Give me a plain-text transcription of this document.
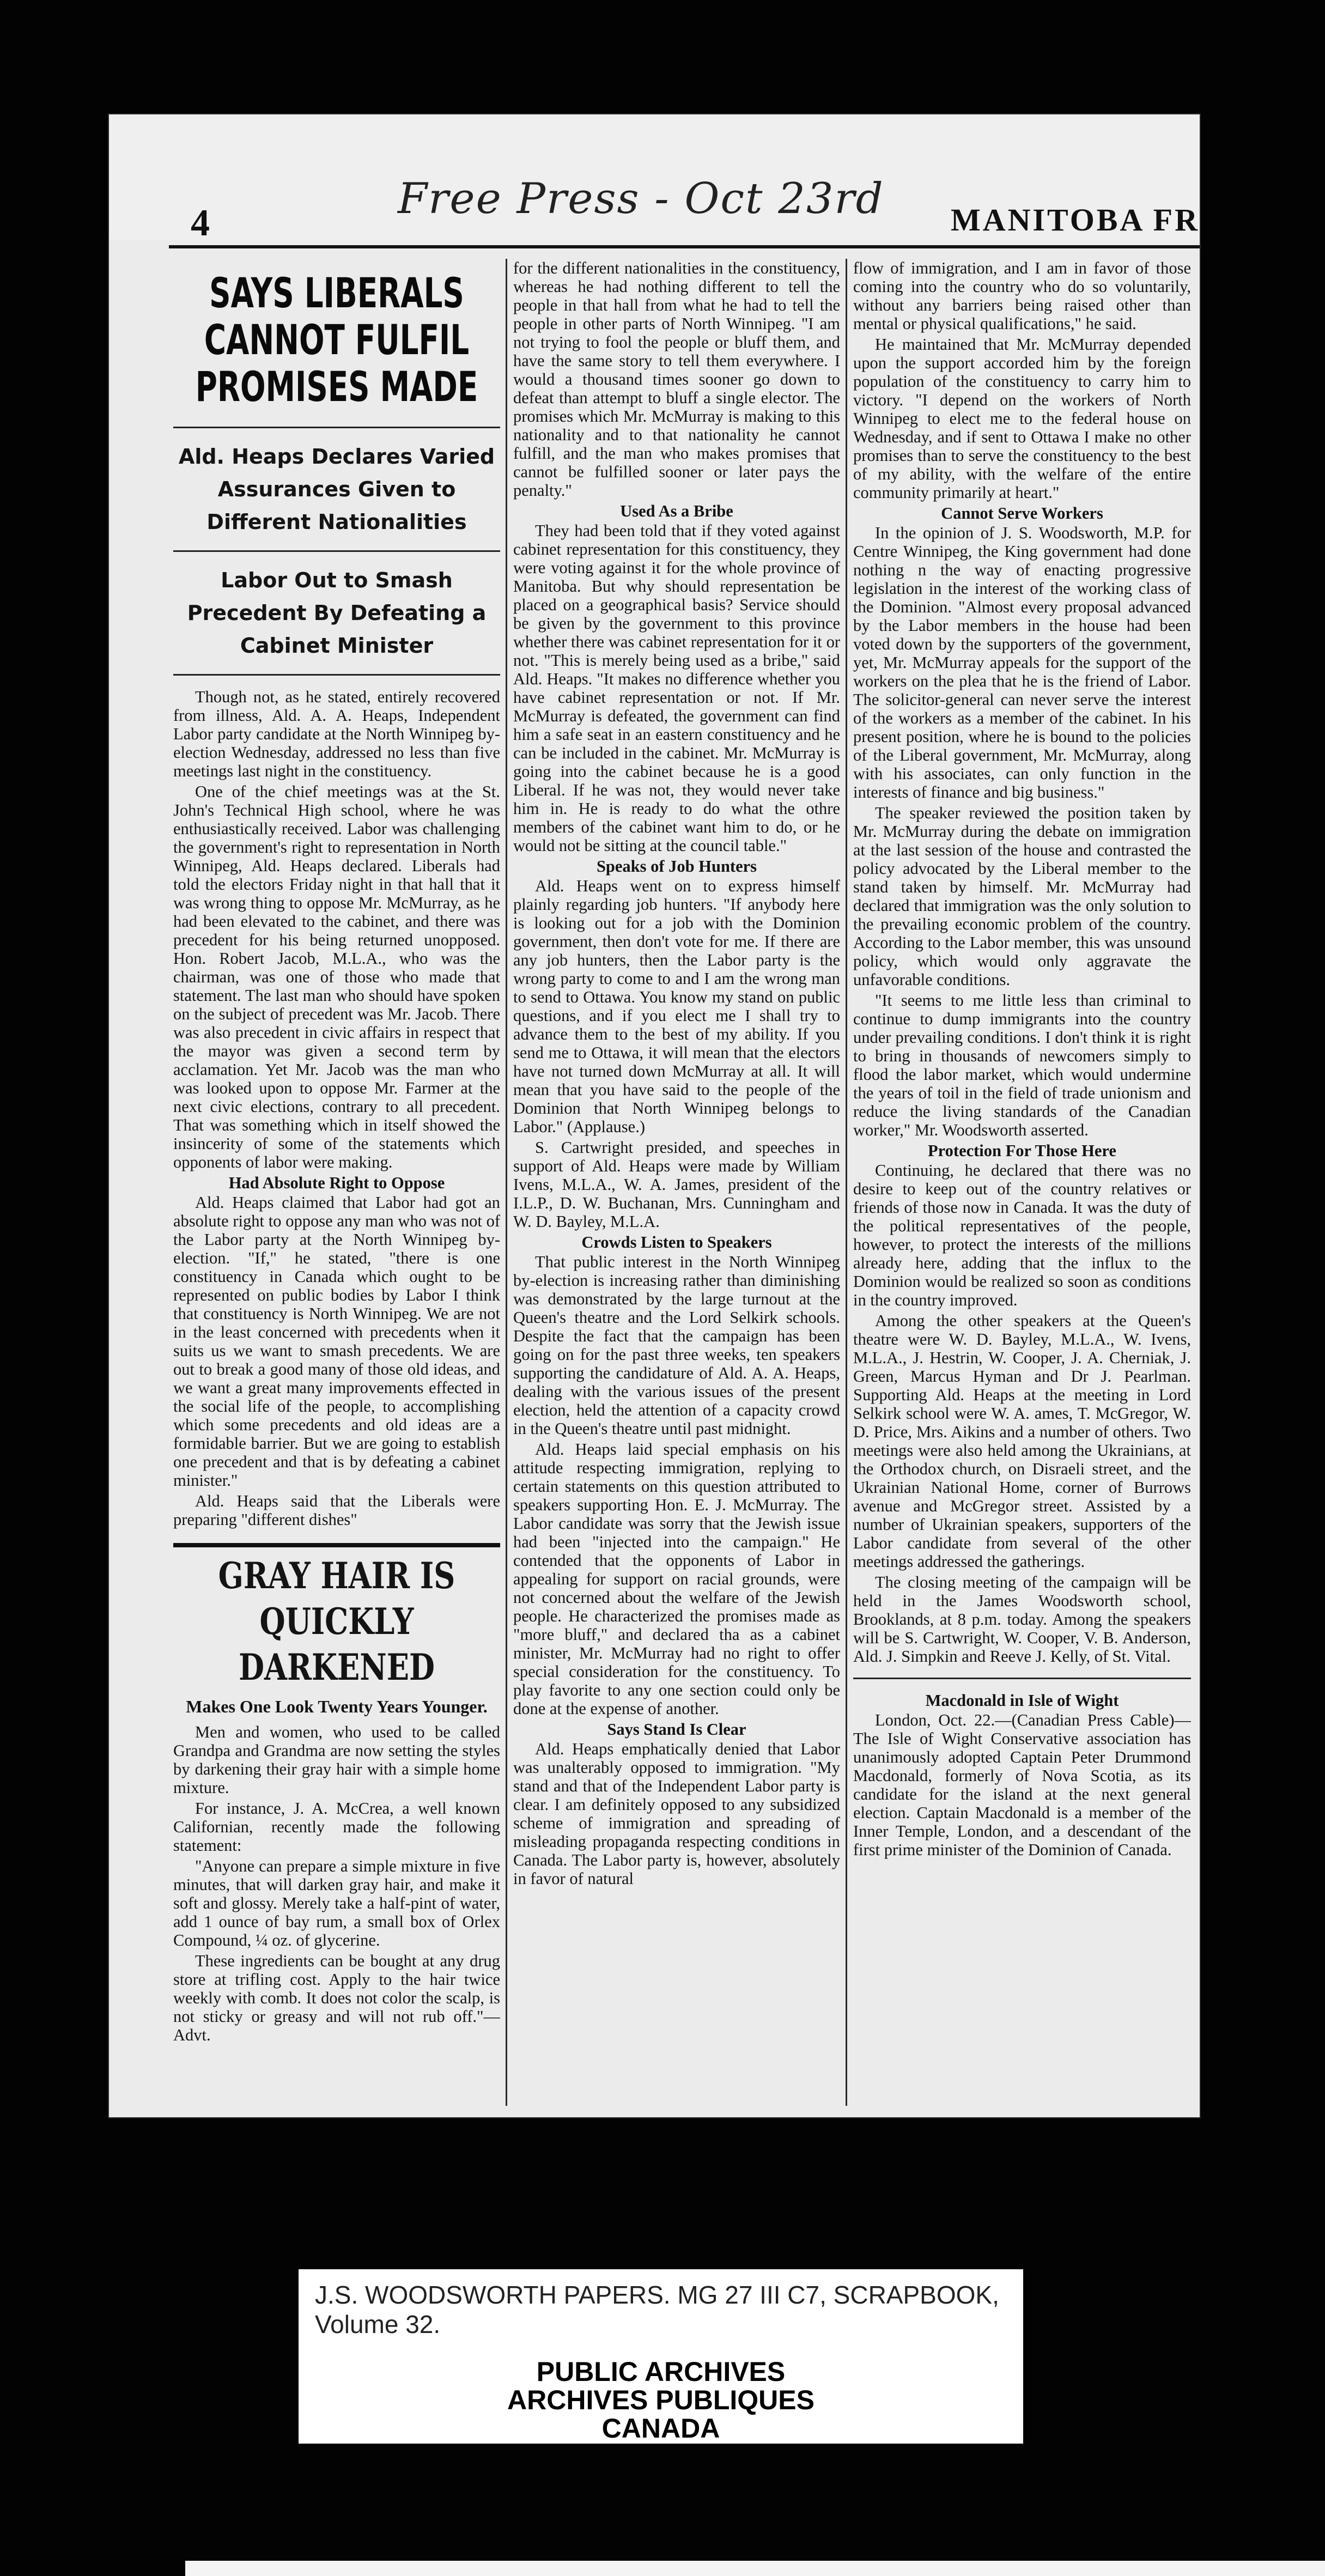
4	Free Press - Oct 23rd MANITOBA FR
SAYS LIBERALS CANNOT FULFIL PROMISES MADE
Ald. Heaps Declares Varied Assurances Given to Different Nationalities
Labor Out to Smash Precedent By Defeating a Cabinet Minister

Though not, as he stated, entirely recovered from illness, Ald. A. A. Heaps, Independent Labor party candidate at the North Winnipeg by-election Wednesday, addressed no less than five meetings last night in the constituency.

One of the chief meetings was at the St. John's Technical High school, where he was enthusiastically received. Labor was challenging the government's right to representation in North Winnipeg, Ald. Heaps declared. Liberals had told the electors Friday night in that hall that it was wrong thing to oppose Mr. McMurray, as he had been elevated to the cabinet, and there was precedent for his being returned unopposed. Hon. Robert Jacob, M.L.A., who was the chairman, was one of those who made that statement. The last man who should have spoken on the subject of precedent was Mr. Jacob. There was also precedent in civic affairs in respect that the mayor was given a second term by acclamation. Yet Mr. Jacob was the man who was looked upon to oppose Mr. Farmer at the next civic elections, contrary to all precedent. That was something which in itself showed the insincerity of some of the statements which opponents of labor were making.

Had Absolute Right to Oppose

Ald. Heaps claimed that Labor had got an absolute right to oppose any man who was not of the Labor party at the North Winnipeg by-election. "If," he stated, "there is one constituency in Canada which ought to be represented on public bodies by Labor I think that constituency is North Winnipeg. We are not in the least concerned with precedents when it suits us we want to smash precedents. We are out to break a good many of those old ideas, and we want a great many improvements effected in the social life of the people, to accomplishing which some precedents and old ideas are a formidable barrier. But we are going to establish one precedent and that is by defeating a cabinet minister."

Ald. Heaps said that the Liberals were preparing "different dishes"

GRAY HAIR IS QUICKLY DARKENED
Makes One Look Twenty Years Younger.

Men and women, who used to be called Grandpa and Grandma are now setting the styles by darkening their gray hair with a simple home mixture.

For instance, J. A. McCrea, a well known Californian, recently made the following statement:

"Anyone can prepare a simple mixture in five minutes, that will darken gray hair, and make it soft and glossy. Merely take a half-pint of water, add 1 ounce of bay rum, a small box of Orlex Compound, ¼ oz. of glycerine.

These ingredients can be bought at any drug store at trifling cost. Apply to the hair twice weekly with comb. It does not color the scalp, is not sticky or greasy and will not rub off."—Advt.

for the different nationalities in the constituency, whereas he had nothing different to tell the people in that hall from what he had to tell the people in other parts of North Winnipeg. "I am not trying to fool the people or bluff them, and have the same story to tell them everywhere. I would a thousand times sooner go down to defeat than attempt to bluff a single elector. The promises which Mr. McMurray is making to this nationality and to that nationality he cannot fulfill, and the man who makes promises that cannot be fulfilled sooner or later pays the penalty."

Used As a Bribe

They had been told that if they voted against cabinet representation for this constituency, they were voting against it for the whole province of Manitoba. But why should representation be placed on a geographical basis? Service should be given by the government to this province whether there was cabinet representation for it or not. "This is merely being used as a bribe," said Ald. Heaps. "It makes no difference whether you have cabinet representation or not. If Mr. McMurray is defeated, the government can find him a safe seat in an eastern constituency and he can be included in the cabinet. Mr. McMurray is going into the cabinet because he is a good Liberal. If he was not, they would never take him in. He is ready to do what the othre members of the cabinet want him to do, or he would not be sitting at the council table."

Speaks of Job Hunters

Ald. Heaps went on to express himself plainly regarding job hunters. "If anybody here is looking out for a job with the Dominion government, then don't vote for me. If there are any job hunters, then the Labor party is the wrong party to come to and I am the wrong man to send to Ottawa. You know my stand on public questions, and if you elect me I shall try to advance them to the best of my ability. If you send me to Ottawa, it will mean that the electors have not turned down McMurray at all. It will mean that you have said to the people of the Dominion that North Winnipeg belongs to Labor." (Applause.)

S. Cartwright presided, and speeches in support of Ald. Heaps were made by William Ivens, M.L.A., W. A. James, president of the I.L.P., D. W. Buchanan, Mrs. Cunningham and W. D. Bayley, M.L.A.

Crowds Listen to Speakers

That public interest in the North Winnipeg by-election is increasing rather than diminishing was demonstrated by the large turnout at the Queen's theatre and the Lord Selkirk schools. Despite the fact that the campaign has been going on for the past three weeks, ten speakers supporting the candidature of Ald. A. A. Heaps, dealing with the various issues of the present election, held the attention of a capacity crowd in the Queen's theatre until past midnight.

Ald. Heaps laid special emphasis on his attitude respecting immigration, replying to certain statements on this question attributed to speakers supporting Hon. E. J. McMurray. The Labor candidate was sorry that the Jewish issue had been "injected into the campaign." He contended that the opponents of Labor in appealing for support on racial grounds, were not concerned about the welfare of the Jewish people. He characterized the promises made as "more bluff," and declared tha as a cabinet minister, Mr. McMurray had no right to offer special consideration for the constituency. To play favorite to any one section could only be done at the expense of another.

Says Stand Is Clear

Ald. Heaps emphatically denied that Labor was unalterably opposed to immigration. "My stand and that of the Independent Labor party is clear. I am definitely opposed to any subsidized scheme of immigration and spreading of misleading propaganda respecting conditions in Canada. The Labor party is, however, absolutely in favor of natural

flow of immigration, and I am in favor of those coming into the country who do so voluntarily, without any barriers being raised other than mental or physical qualifications," he said.

He maintained that Mr. McMurray depended upon the support accorded him by the foreign population of the constituency to carry him to victory. "I depend on the workers of North Winnipeg to elect me to the federal house on Wednesday, and if sent to Ottawa I make no other promises than to serve the constituency to the best of my ability, with the welfare of the entire community primarily at heart."

Cannot Serve Workers

In the opinion of J. S. Woodsworth, M.P. for Centre Winnipeg, the King government had done nothing n the way of enacting progressive legislation in the interest of the working class of the Dominion. "Almost every proposal advanced by the Labor members in the house had been voted down by the supporters of the government, yet, Mr. McMurray appeals for the support of the workers on the plea that he is the friend of Labor. The solicitor-general can never serve the interest of the workers as a member of the cabinet. In his present position, where he is bound to the policies of the Liberal government, Mr. McMurray, along with his associates, can only function in the interests of finance and big business."

The speaker reviewed the position taken by Mr. McMurray during the debate on immigration at the last session of the house and contrasted the policy advocated by the Liberal member to the stand taken by himself. Mr. McMurray had declared that immigration was the only solution to the prevailing economic problem of the country. According to the Labor member, this was unsound policy, which would only aggravate the unfavorable conditions.

"It seems to me little less than criminal to continue to dump immigrants into the country under prevailing conditions. I don't think it is right to bring in thousands of newcomers simply to flood the labor market, which would undermine the years of toil in the field of trade unionism and reduce the living standards of the Canadian worker," Mr. Woodsworth asserted.

Protection For Those Here

Continuing, he declared that there was no desire to keep out of the country relatives or friends of those now in Canada. It was the duty of the political representatives of the people, however, to protect the interests of the millions already here, adding that the influx to the Dominion would be realized so soon as conditions in the country improved.

Among the other speakers at the Queen's theatre were W. D. Bayley, M.L.A., W. Ivens, M.L.A., J. Hestrin, W. Cooper, J. A. Cherniak, J. Green, Marcus Hyman and Dr J. Pearlman. Supporting Ald. Heaps at the meeting in Lord Selkirk school were W. A. ames, T. McGregor, W. D. Price, Mrs. Aikins and a number of others. Two meetings were also held among the Ukrainians, at the Orthodox church, on Disraeli street, and the Ukrainian National Home, corner of Burrows avenue and McGregor street. Assisted by a number of Ukrainian speakers, supporters of the Labor candidate from several of the other meetings addressed the gatherings.

The closing meeting of the campaign will be held in the James Woodsworth school, Brooklands, at 8 p.m. today. Among the speakers will be S. Cartwright, W. Cooper, V. B. Anderson, Ald. J. Simpkin and Reeve J. Kelly, of St. Vital.

Macdonald in Isle of Wight

London, Oct. 22.—(Canadian Press Cable)—The Isle of Wight Conservative association has unanimously adopted Captain Peter Drummond Macdonald, formerly of Nova Scotia, as its candidate for the island at the next general election. Captain Macdonald is a member of the Inner Temple, London, and a descendant of the first prime minister of the Dominion of Canada.

J.S. WOODSWORTH PAPERS. MG 27 III C7, SCRAPBOOK,
Volume 32.
PUBLIC ARCHIVES
ARCHIVES PUBLIQUES
CANADA
